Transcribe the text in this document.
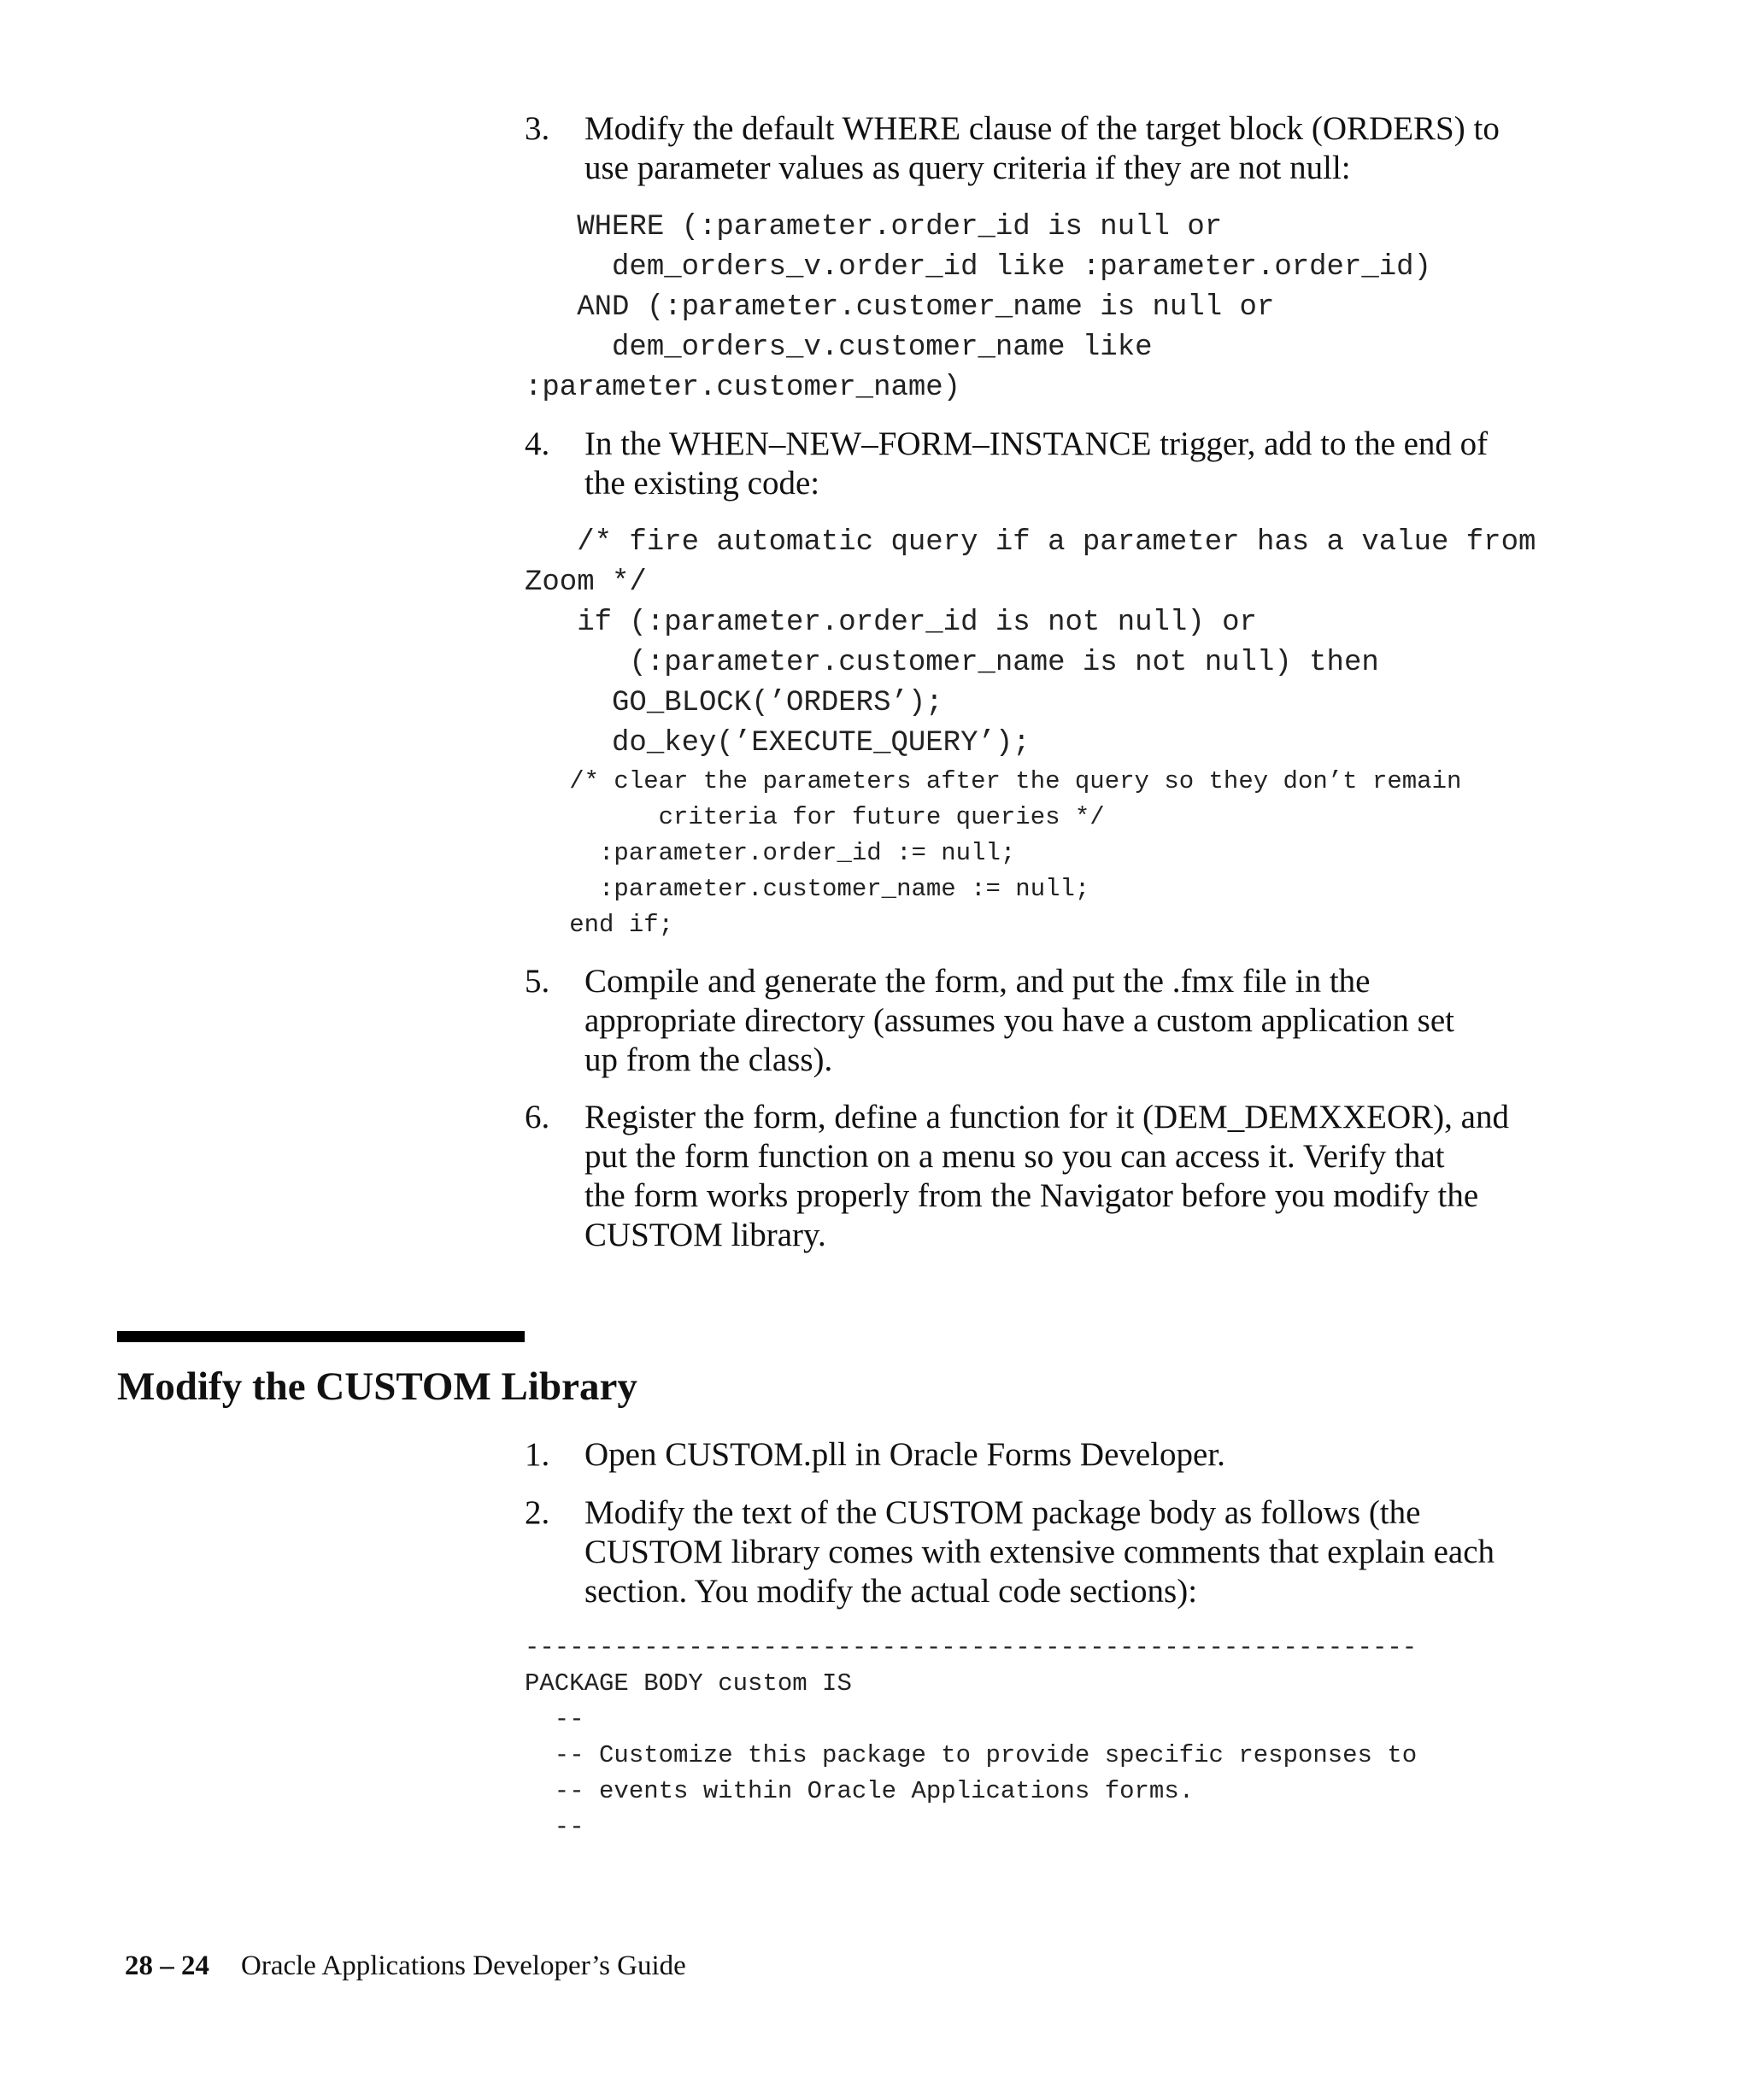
3.	Modify the default WHERE clause of the target block (ORDERS) to
use parameter values as query criteria if they are not null:
WHERE (:parameter.order_id is null or
dem_orders_v.order_id like :parameter.order_id)
AND (:parameter.customer_name is null or
dem_orders_v.customer_name like
:parameter.customer_name)
4.	In the WHEN–NEW–FORM–INSTANCE trigger, add to the end of
the existing code:
/* fire automatic query if a parameter has a value from
Zoom */
if (:parameter.order_id is not null) or
(:parameter.customer_name is not null) then
GO_BLOCK(’ORDERS’);
do_key(’EXECUTE_QUERY’);
/* clear the parameters after the query so they don’t remain
criteria for future queries */
:parameter.order_id := null;
:parameter.customer_name := null;
end if;
5.	Compile and generate the form, and put the .fmx file in the
appropriate directory (assumes you have a custom application set
up from the class).
6.	Register the form, define a function for it (DEM_DEMXXEOR), and
put the form function on a menu so you can access it. Verify that
the form works properly from the Navigator before you modify the
CUSTOM library.
Modify the CUSTOM Library
1.	Open CUSTOM.pll in Oracle Forms Developer.
2.	Modify the text of the CUSTOM package body as follows (the
CUSTOM library comes with extensive comments that explain each
section. You modify the actual code sections):
------------------------------------------------------------
PACKAGE BODY custom IS
--
-- Customize this package to provide specific responses to
-- events within Oracle Applications forms.
--
28 – 24 Oracle Applications Developer’s Guide
